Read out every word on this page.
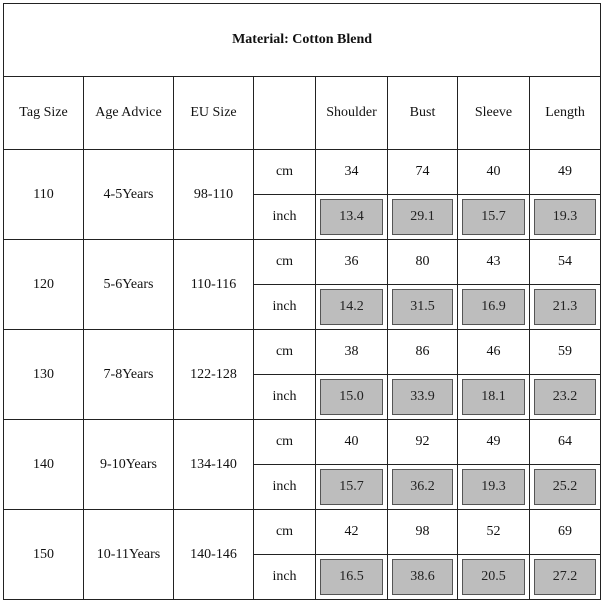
Material: Cotton Blend							
Tag Size	Age Advice	EU Size		Shoulder	Bust	Sleeve	Length
110	4-5Years	98-110	cm	34	74	40	49
			inch	13.4	29.1	15.7	19.3
120	5-6Years	110-116	cm	36	80	43	54
			inch	14.2	31.5	16.9	21.3
130	7-8Years	122-128	cm	38	86	46	59
			inch	15.0	33.9	18.1	23.2
140	9-10Years	134-140	cm	40	92	49	64
			inch	15.7	36.2	19.3	25.2
150	10-11Years	140-146	cm	42	98	52	69
			inch	16.5	38.6	20.5	27.2
